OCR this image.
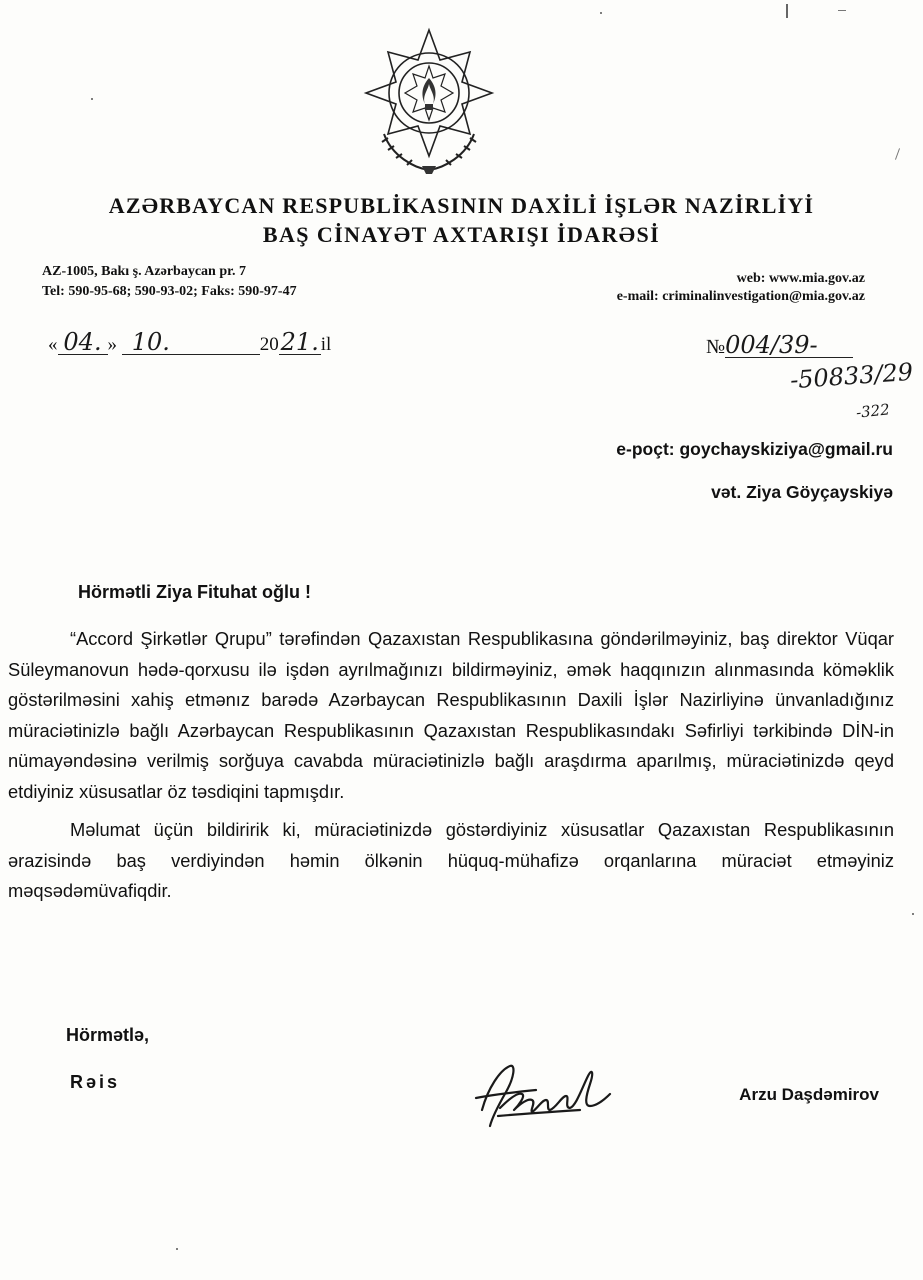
AZƏRBAYCAN RESPUBLİKASININ DAXİLİ İŞLƏR NAZİRLİYİ
BAŞ CİNAYƏT AXTARIŞI İDARƏSİ
AZ-1005, Bakı ş. Azərbaycan pr. 7
Tel: 590-95-68; 590-93-02; Faks: 590-97-47
web: www.mia.gov.az
e-mail: criminalinvestigation@mia.gov.az
« 04. » 10.	2021. il	№004/39-
-50833/29
-322
e-poçt: goychayskiziya@gmail.ru
vət. Ziya Göyçayskiyə
Hörmətli Ziya Fituhat oğlu !

“Accord Şirkətlər Qrupu” tərəfindən Qazaxıstan Respublikasına göndərilməyiniz, baş direktor Vüqar Süleymanovun hədə-qorxusu ilə işdən ayrılmağınızı bildirməyiniz, əmək haqqınızın alınmasında köməklik göstərilməsini xahiş etmənız barədə Azərbaycan Respublikasının Daxili İşlər Nazirliyinə ünvanladığınız müraciətinizlə bağlı Azərbaycan Respublikasının Qazaxıstan Respublikasındakı Səfirliyi tərkibində DİN-in nümayəndəsinə verilmiş sorğuya cavabda müraciətinizlə bağlı araşdırma aparılmış, müraciətinizdə qeyd etdiyiniz xüsusatlar öz təsdiqini tapmışdır.

Məlumat üçün bildiririk ki, müraciətinizdə göstərdiyiniz xüsusatlar Qazaxıstan Respublikasının ərazisində baş verdiyindən həmin ölkənin hüquq-mühafizə orqanlarına müraciət etməyiniz məqsədəmüvafiqdir.

Hörmətlə,
Rəis
Arzu Daşdəmirov
